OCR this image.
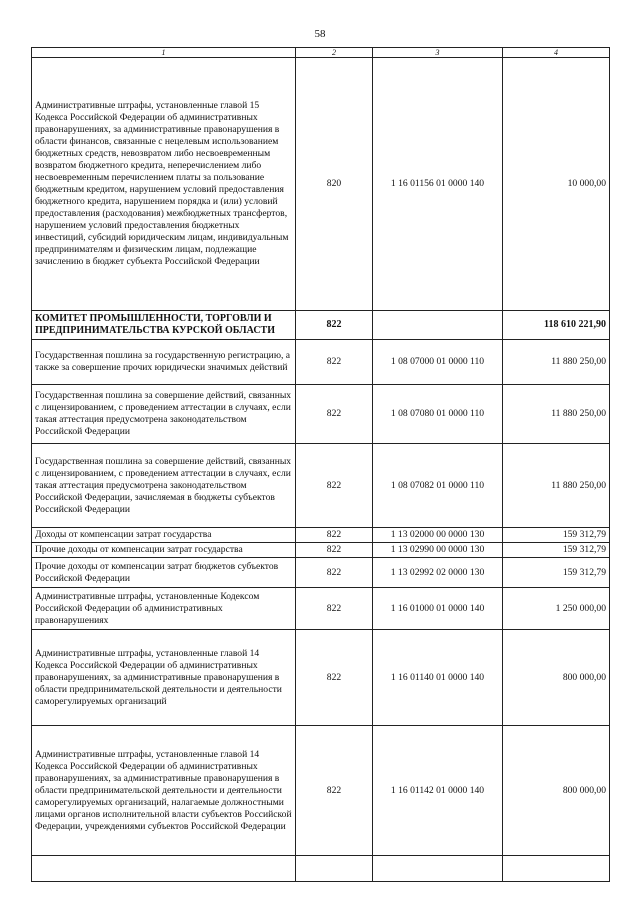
58
1	2	3	4
Административные штрафы, установленные главой 15 Кодекса Российской Федерации об административных правонарушениях, за административные правонарушения в области финансов, связанные с нецелевым использованием бюджетных средств, невозвратом либо несвоевременным возвратом бюджетного кредита, неперечислением либо несвоевременным перечислением платы за пользование бюджетным кредитом, нарушением условий предоставления бюджетного кредита, нарушением порядка и (или) условий предоставления (расходования) межбюджетных трансфертов, нарушением условий предоставления бюджетных инвестиций, субсидий юридическим лицам, индивидуальным предпринимателям и физическим лицам, подлежащие зачислению в бюджет субъекта Российской Федерации	820	1 16 01156 01 0000 140	10 000,00
КОМИТЕТ ПРОМЫШЛЕННОСТИ, ТОРГОВЛИ И ПРЕДПРИНИМАТЕЛЬСТВА КУРСКОЙ ОБЛАСТИ	822		118 610 221,90
Государственная пошлина за государственную регистрацию, а также за совершение прочих юридически значимых действий	822	1 08 07000 01 0000 110	11 880 250,00
Государственная пошлина за совершение действий, связанных с лицензированием, с проведением аттестации в случаях, если такая аттестация предусмотрена законодательством Российской Федерации	822	1 08 07080 01 0000 110	11 880 250,00
Государственная пошлина за совершение действий, связанных с лицензированием, с проведением аттестации в случаях, если такая аттестация предусмотрена законодательством Российской Федерации, зачисляемая в бюджеты субъектов Российской Федерации	822	1 08 07082 01 0000 110	11 880 250,00
Доходы от компенсации затрат государства	822	1 13 02000 00 0000 130	159 312,79
Прочие доходы от компенсации затрат государства	822	1 13 02990 00 0000 130	159 312,79
Прочие доходы от компенсации затрат бюджетов субъектов Российской Федерации	822	1 13 02992 02 0000 130	159 312,79
Административные штрафы, установленные Кодексом Российской Федерации об административных правонарушениях	822	1 16 01000 01 0000 140	1 250 000,00
Административные штрафы, установленные главой 14 Кодекса Российской Федерации об административных правонарушениях, за административные правонарушения в области предпринимательской деятельности и деятельности саморегулируемых организаций	822	1 16 01140 01 0000 140	800 000,00
Административные штрафы, установленные главой 14 Кодекса Российской Федерации об административных правонарушениях, за административные правонарушения в области предпринимательской деятельности и деятельности саморегулируемых организаций, налагаемые должностными лицами органов исполнительной власти субъектов Российской Федерации, учреждениями субъектов Российской Федерации	822	1 16 01142 01 0000 140	800 000,00
